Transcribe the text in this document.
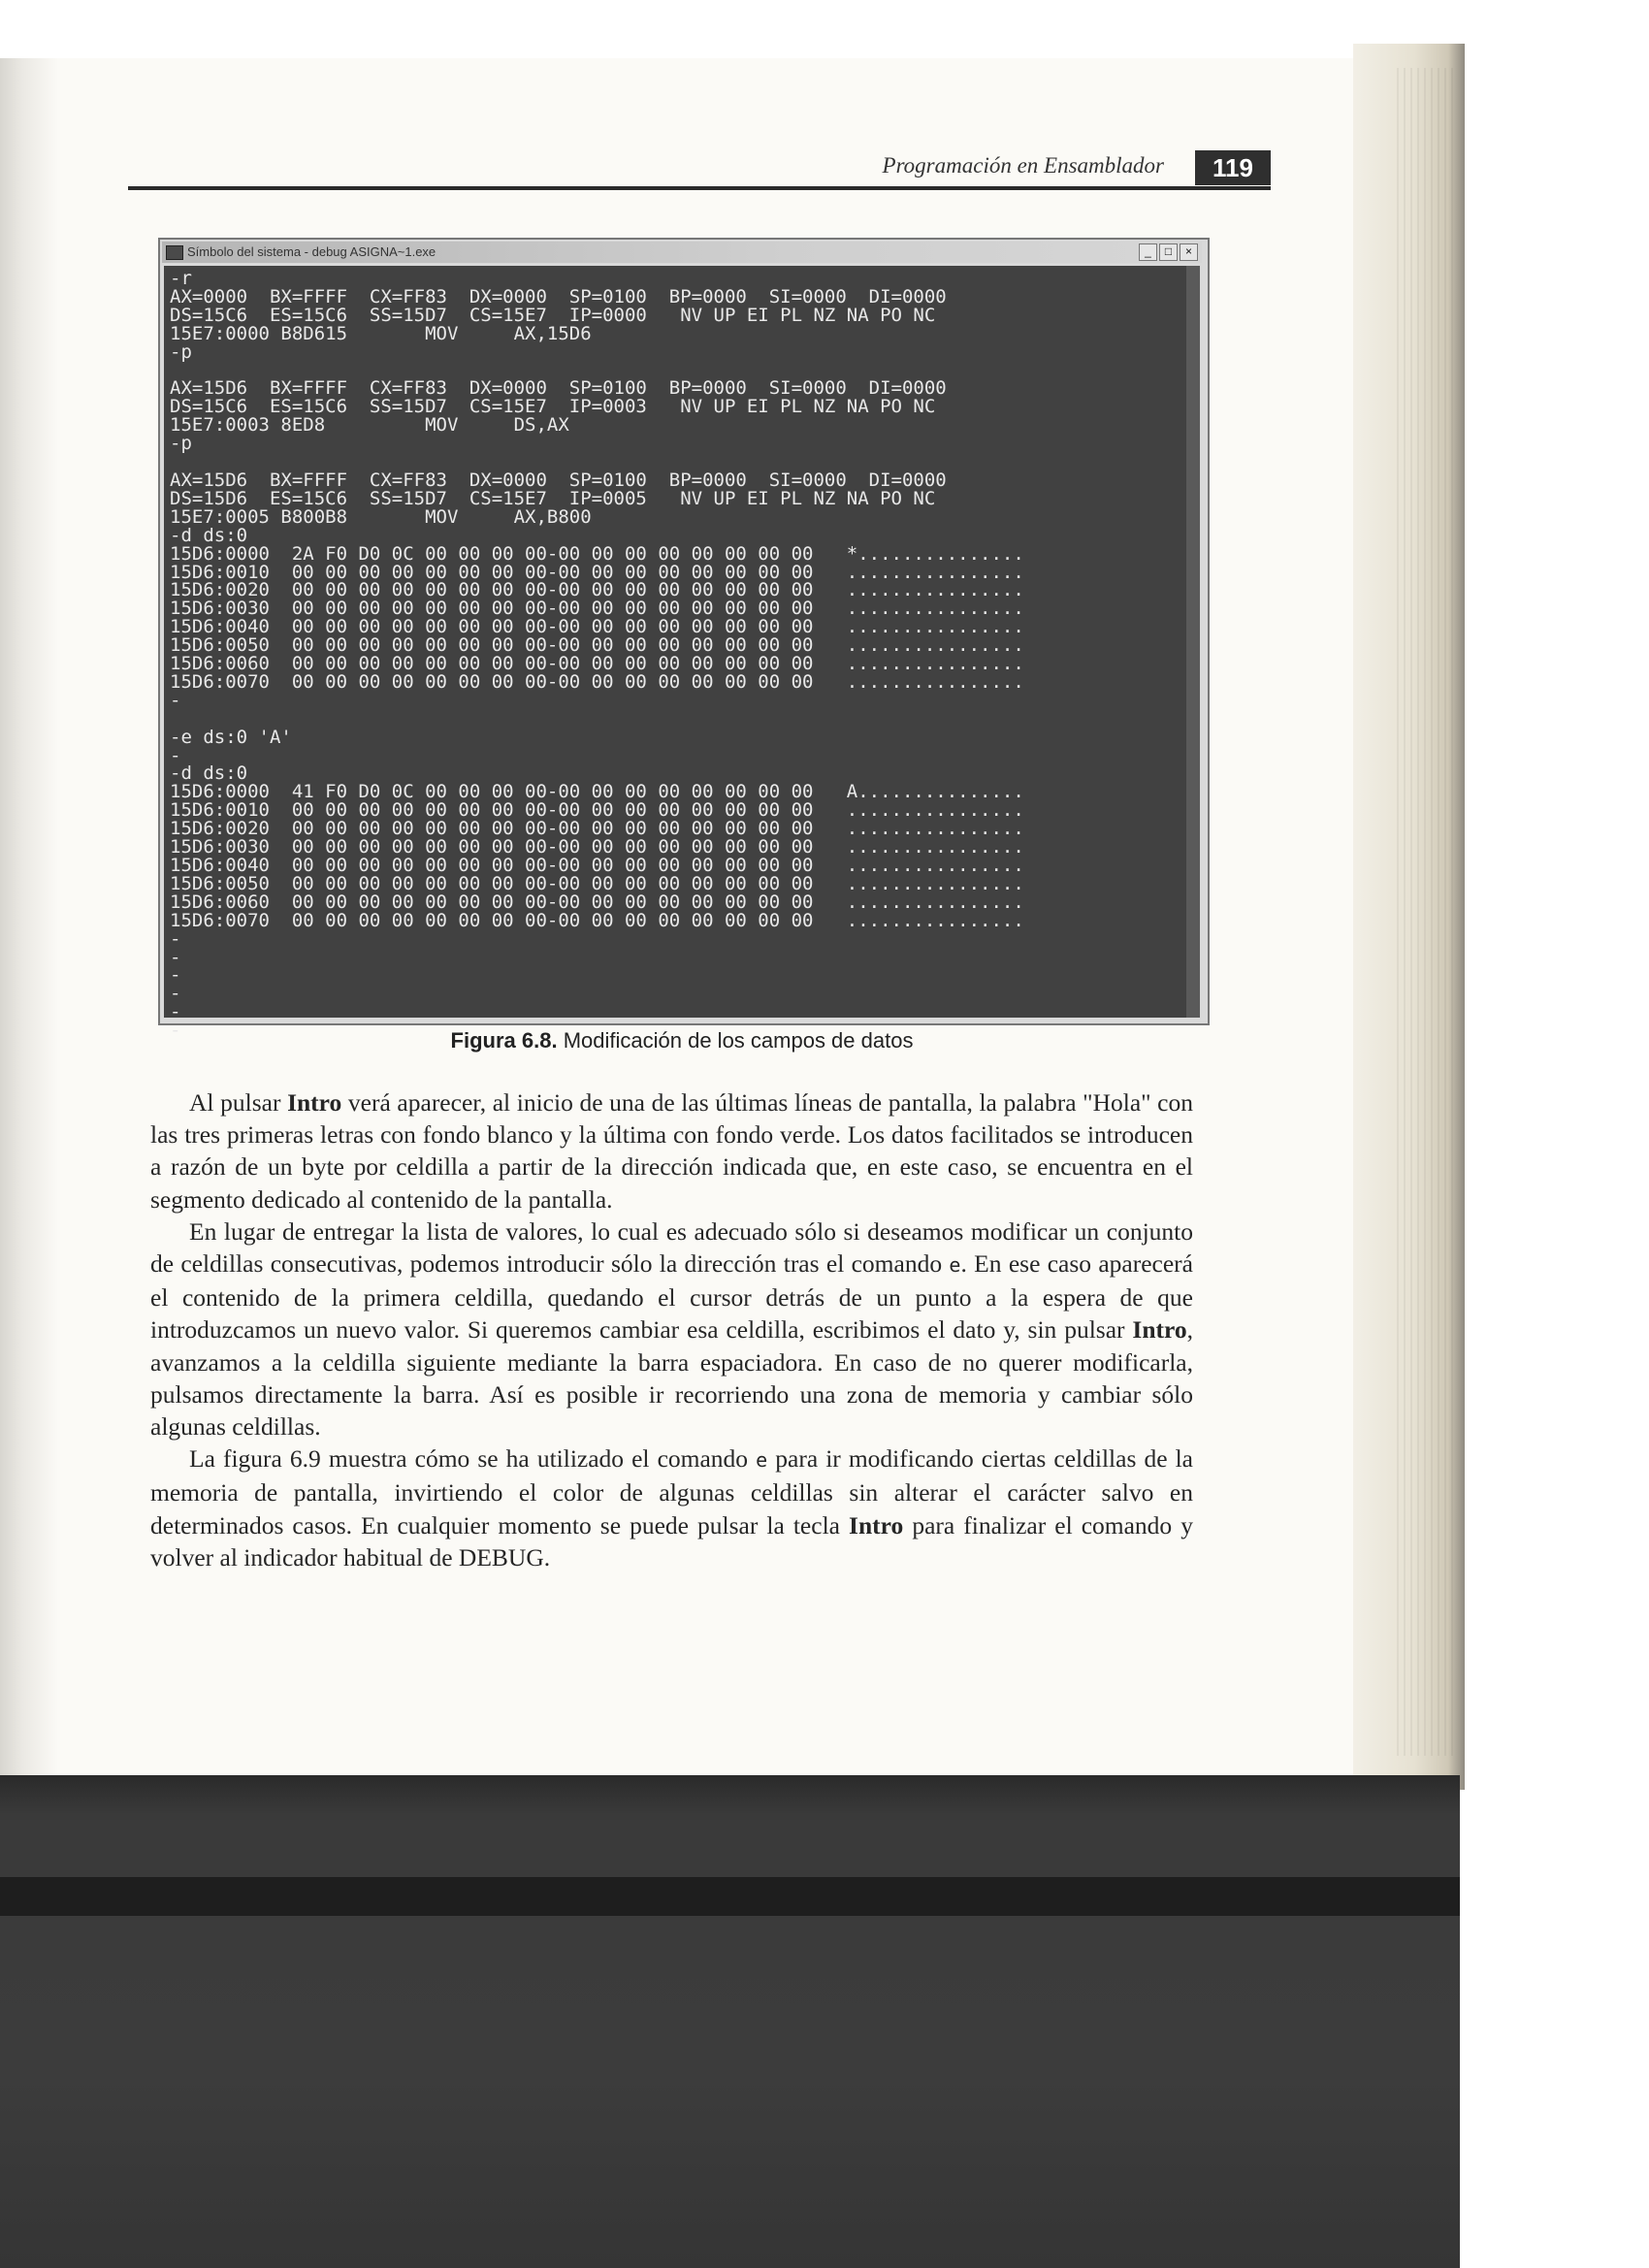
Programación en Ensamblador	119
Símbolo del sistema - debug ASIGNA~1.exe	_	□	×
-r
AX=0000  BX=FFFF  CX=FF83  DX=0000  SP=0100  BP=0000  SI=0000  DI=0000
DS=15C6  ES=15C6  SS=15D7  CS=15E7  IP=0000   NV UP EI PL NZ NA PO NC
15E7:0000 B8D615       MOV     AX,15D6
-p

AX=15D6  BX=FFFF  CX=FF83  DX=0000  SP=0100  BP=0000  SI=0000  DI=0000
DS=15C6  ES=15C6  SS=15D7  CS=15E7  IP=0003   NV UP EI PL NZ NA PO NC
15E7:0003 8ED8         MOV     DS,AX
-p

AX=15D6  BX=FFFF  CX=FF83  DX=0000  SP=0100  BP=0000  SI=0000  DI=0000
DS=15D6  ES=15C6  SS=15D7  CS=15E7  IP=0005   NV UP EI PL NZ NA PO NC
15E7:0005 B800B8       MOV     AX,B800
-d ds:0
15D6:0000  2A F0 D0 0C 00 00 00 00-00 00 00 00 00 00 00 00   *...............
15D6:0010  00 00 00 00 00 00 00 00-00 00 00 00 00 00 00 00   ................
15D6:0020  00 00 00 00 00 00 00 00-00 00 00 00 00 00 00 00   ................
15D6:0030  00 00 00 00 00 00 00 00-00 00 00 00 00 00 00 00   ................
15D6:0040  00 00 00 00 00 00 00 00-00 00 00 00 00 00 00 00   ................
15D6:0050  00 00 00 00 00 00 00 00-00 00 00 00 00 00 00 00   ................
15D6:0060  00 00 00 00 00 00 00 00-00 00 00 00 00 00 00 00   ................
15D6:0070  00 00 00 00 00 00 00 00-00 00 00 00 00 00 00 00   ................
-

-e ds:0 'A'
-
-d ds:0
15D6:0000  41 F0 D0 0C 00 00 00 00-00 00 00 00 00 00 00 00   A...............
15D6:0010  00 00 00 00 00 00 00 00-00 00 00 00 00 00 00 00   ................
15D6:0020  00 00 00 00 00 00 00 00-00 00 00 00 00 00 00 00   ................
15D6:0030  00 00 00 00 00 00 00 00-00 00 00 00 00 00 00 00   ................
15D6:0040  00 00 00 00 00 00 00 00-00 00 00 00 00 00 00 00   ................
15D6:0050  00 00 00 00 00 00 00 00-00 00 00 00 00 00 00 00   ................
15D6:0060  00 00 00 00 00 00 00 00-00 00 00 00 00 00 00 00   ................
15D6:0070  00 00 00 00 00 00 00 00-00 00 00 00 00 00 00 00   ................
-
-
-
-
-
-	Figura 6.8. Modificación de los campos de datos

Al pulsar Intro verá aparecer, al inicio de una de las últimas líneas de pantalla, la palabra "Hola" con las tres primeras letras con fondo blanco y la última con fondo verde. Los datos facilitados se introducen a razón de un byte por celdilla a partir de la dirección indicada que, en este caso, se encuentra en el segmento dedicado al contenido de la pantalla.

En lugar de entregar la lista de valores, lo cual es adecuado sólo si deseamos modificar un conjunto de celdillas consecutivas, podemos introducir sólo la dirección tras el comando e. En ese caso aparecerá el contenido de la primera celdilla, quedando el cursor detrás de un punto a la espera de que introduzcamos un nuevo valor. Si queremos cambiar esa celdilla, escribimos el dato y, sin pulsar Intro, avanzamos a la celdilla siguiente mediante la barra espaciadora. En caso de no querer modificarla, pulsamos directamente la barra. Así es posible ir recorriendo una zona de memoria y cambiar sólo algunas celdillas.

La figura 6.9 muestra cómo se ha utilizado el comando e para ir modificando ciertas celdillas de la memoria de pantalla, invirtiendo el color de algunas celdillas sin alterar el carácter salvo en determinados casos. En cualquier momento se puede pulsar la tecla Intro para finalizar el comando y volver al indicador habitual de DEBUG.
